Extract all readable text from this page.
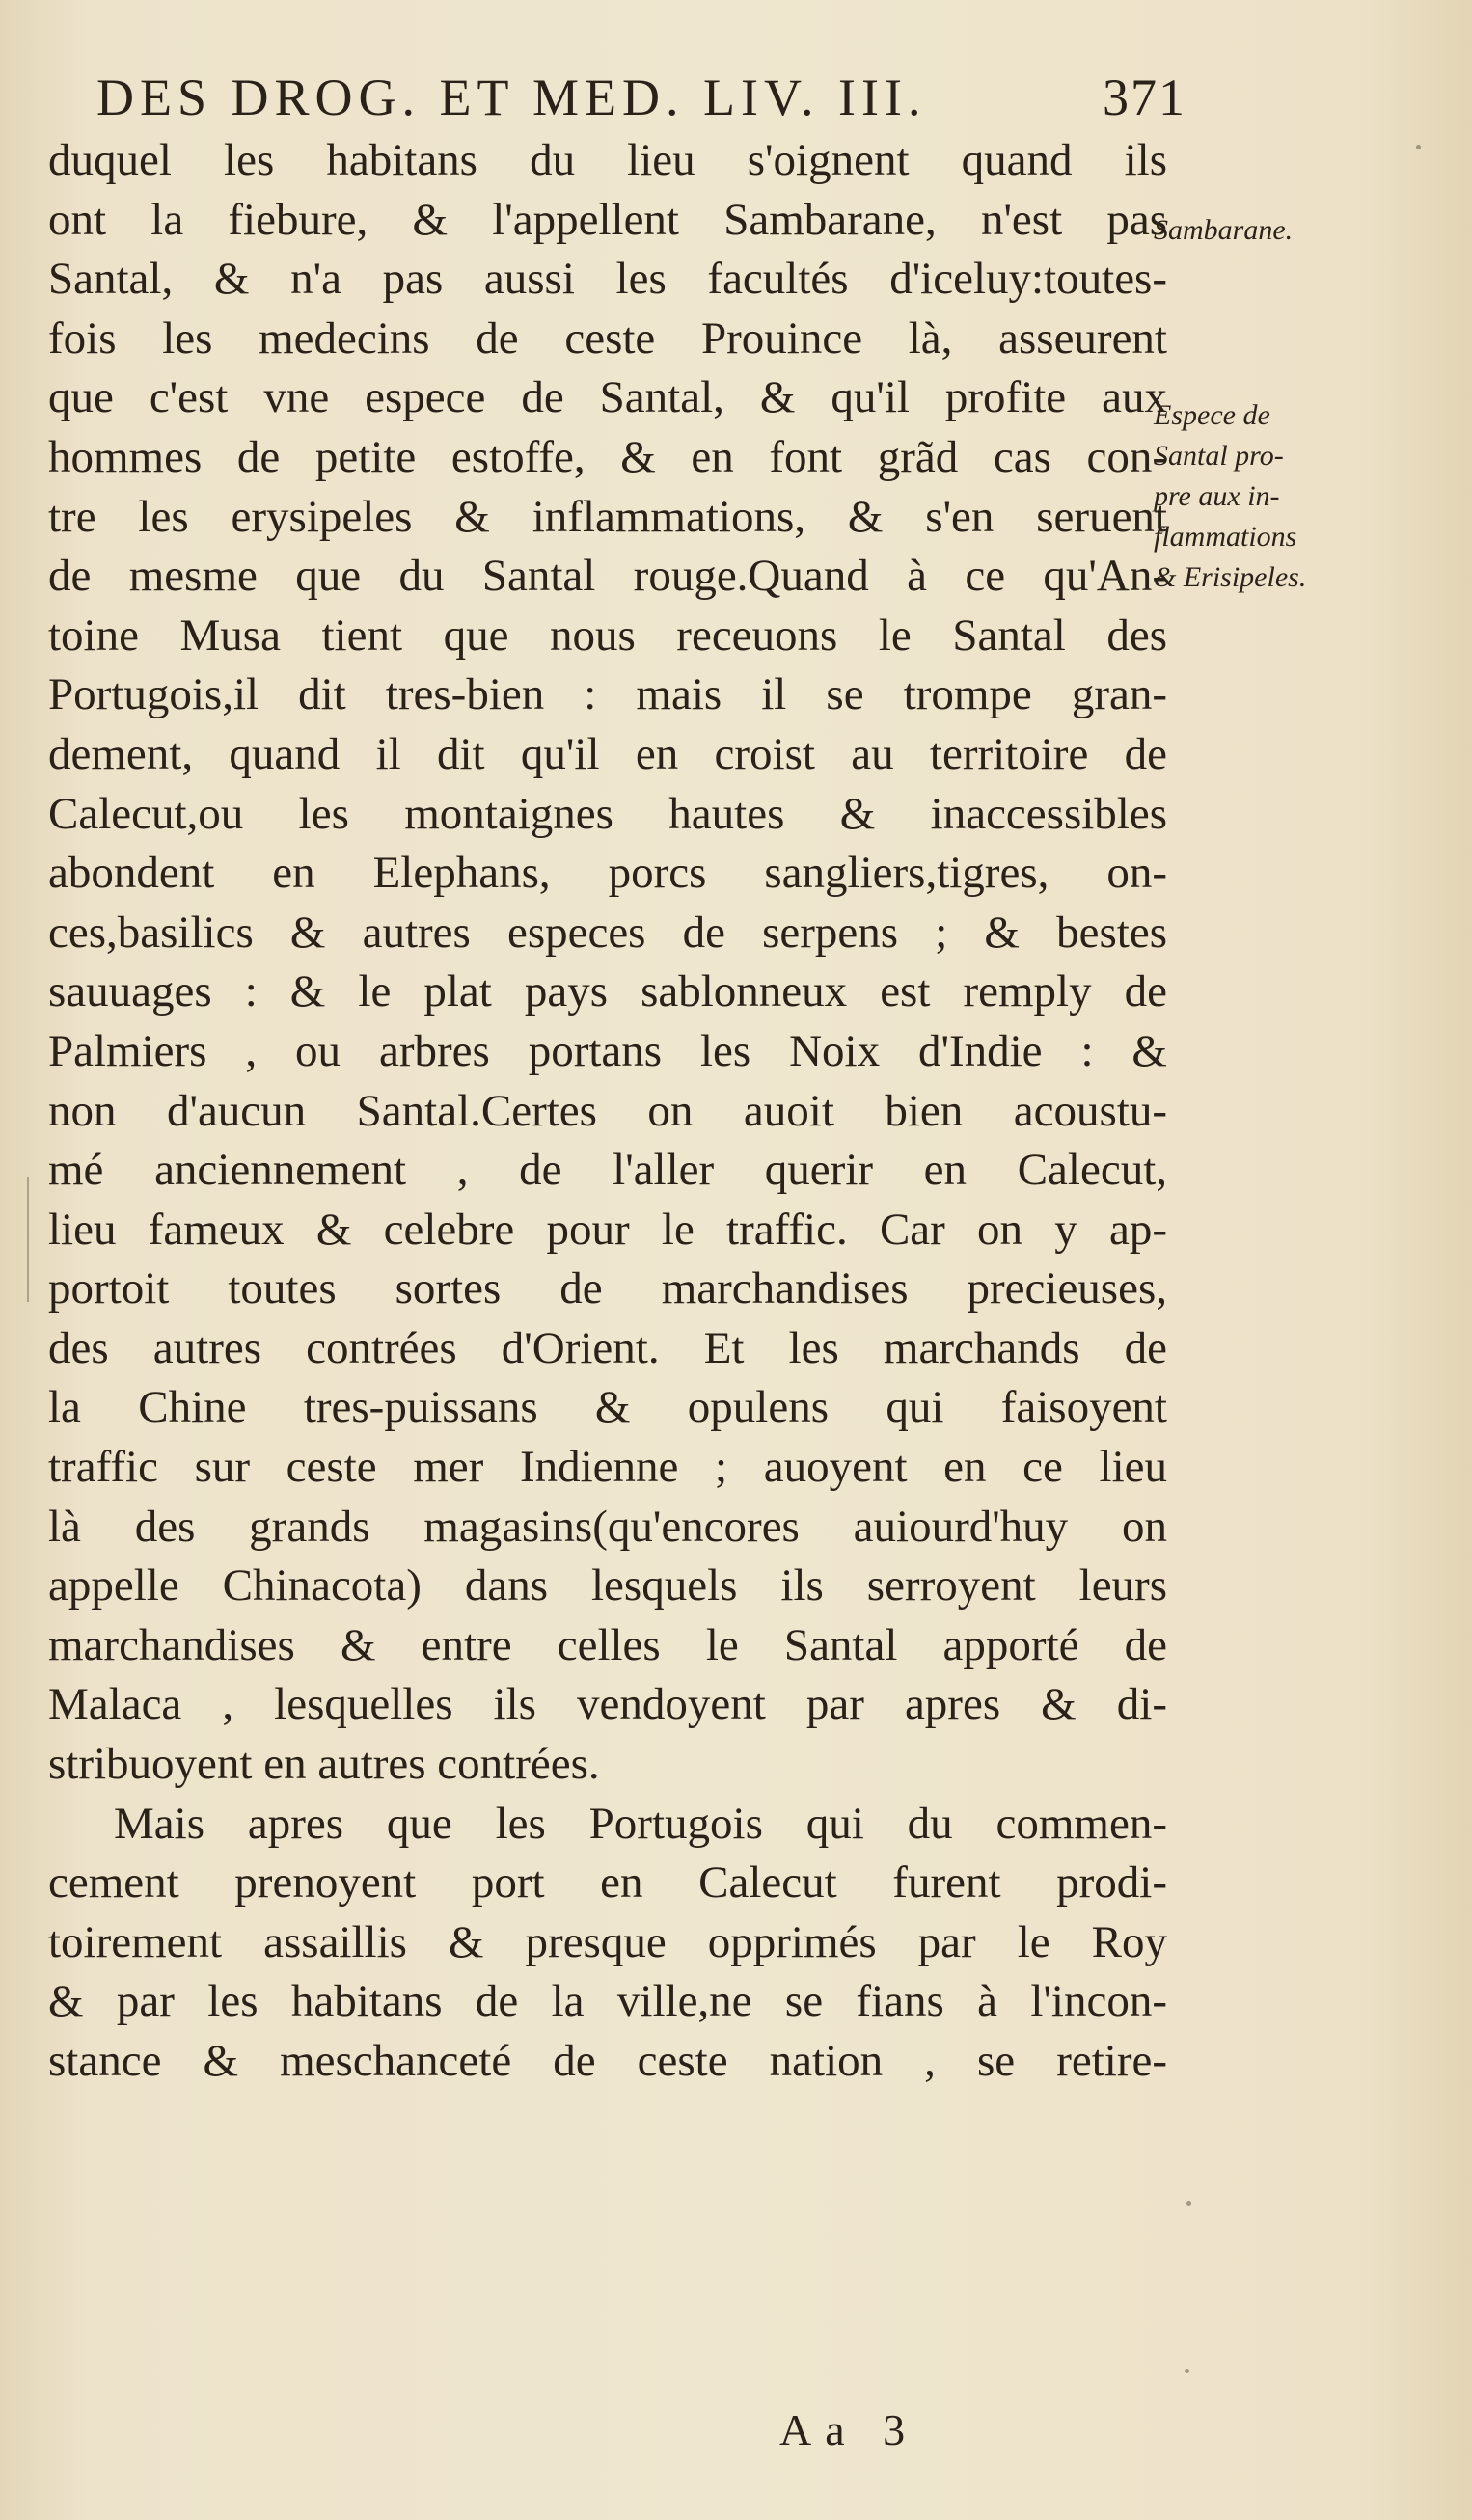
DES DROG. ET MED. LIV. III.	371
duquel les habitans du lieu s'oignent quand ils
ont la fiebure, & l'appellent Sambarane, n'est pas
Santal, & n'a pas aussi les facultés d'iceluy:toutes-
fois les medecins de ceste Prouince là, asseurent
que c'est vne espece de Santal, & qu'il profite aux
hommes de petite estoffe, & en font grãd cas con-
tre les erysipeles & inflammations, & s'en seruent
de mesme que du Santal rouge.Quand à ce qu'An-
toine Musa tient que nous receuons le Santal des
Portugois,il dit tres-bien : mais il se trompe gran-
dement, quand il dit qu'il en croist au territoire de
Calecut,ou les montaignes hautes & inaccessibles
abondent en Elephans, porcs sangliers,tigres, on-
ces,basilics & autres especes de serpens ; & bestes
sauuages : & le plat pays sablonneux est remply de
Palmiers , ou arbres portans les Noix d'Indie : &
non d'aucun Santal.Certes on auoit bien acoustu-
mé anciennement , de l'aller querir en Calecut,
lieu fameux & celebre pour le traffic. Car on y ap-
portoit toutes sortes de marchandises precieuses,
des autres contrées d'Orient. Et les marchands de
la Chine tres-puissans & opulens qui faisoyent
traffic sur ceste mer Indienne ; auoyent en ce lieu
là des grands magasins(qu'encores auiourd'huy on
appelle Chinacota) dans lesquels ils serroyent leurs
marchandises & entre celles le Santal apporté de
Malaca , lesquelles ils vendoyent par apres & di-
stribuoyent en autres contrées.
Mais apres que les Portugois qui du commen-
cement prenoyent port en Calecut furent prodi-
toirement assaillis & presque opprimés par le Roy
& par les habitans de la ville,ne se fians à l'incon-
stance & meschanceté de ceste nation , se retire-
Sambarane.
Espece de
Santal pro-
pre aux in-
flammations
& Erisipeles.
Aa 3
